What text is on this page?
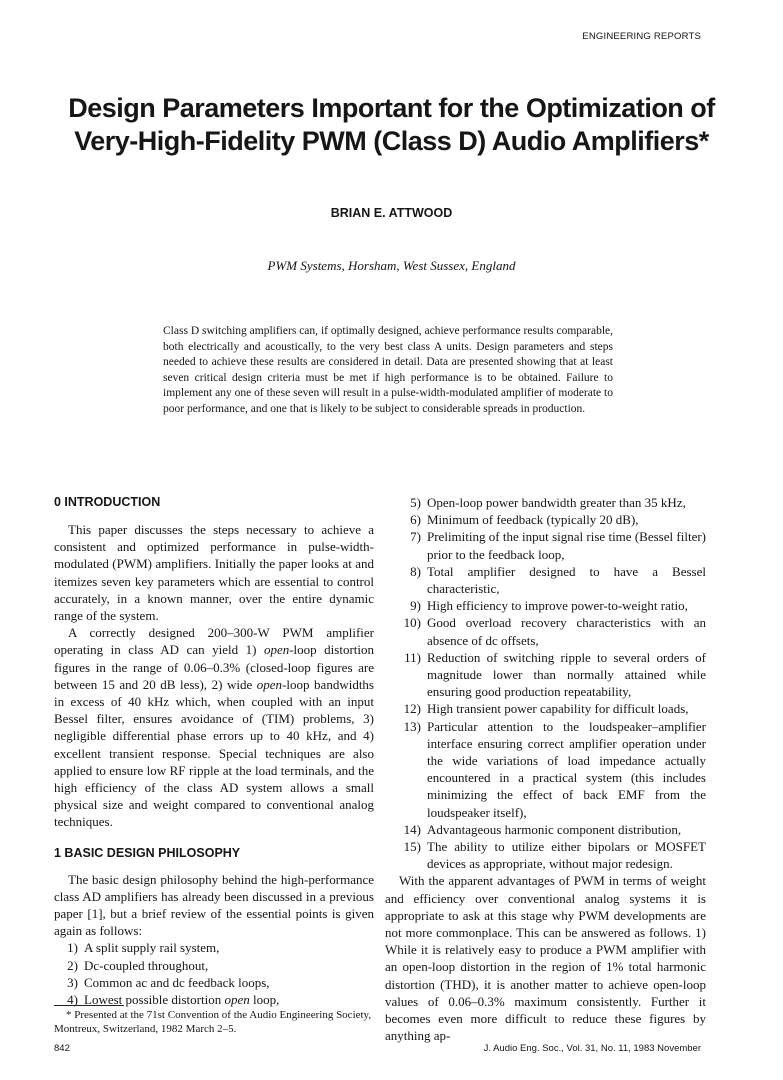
ENGINEERING REPORTS
Design Parameters Important for the Optimization of
Very-High-Fidelity PWM (Class D) Audio Amplifiers*
BRIAN E. ATTWOOD
PWM Systems, Horsham, West Sussex, England
Class D switching amplifiers can, if optimally designed, achieve performance results comparable, both electrically and acoustically, to the very best class A units. Design parameters and steps needed to achieve these results are considered in detail. Data are presented showing that at least seven critical design criteria must be met if high performance is to be obtained. Failure to implement any one of these seven will result in a pulse-width-modulated amplifier of moderate to poor performance, and one that is likely to be subject to considerable spreads in production.
0 INTRODUCTION

This paper discusses the steps necessary to achieve a consistent and optimized performance in pulse-width-modulated (PWM) amplifiers. Initially the paper looks at and itemizes seven key parameters which are essential to control accurately, in a known manner, over the entire dynamic range of the system.

A correctly designed 200–300-W PWM amplifier operating in class AD can yield 1) open-loop distortion figures in the range of 0.06–0.3% (closed-loop figures are between 15 and 20 dB less), 2) wide open-loop bandwidths in excess of 40 kHz which, when coupled with an input Bessel filter, ensures avoidance of (TIM) problems, 3) negligible differential phase errors up to 40 kHz, and 4) excellent transient response. Special techniques are also applied to ensure low RF ripple at the load terminals, and the high efficiency of the class AD system allows a small physical size and weight compared to conventional analog techniques.

1 BASIC DESIGN PHILOSOPHY

The basic design philosophy behind the high-performance class AD amplifiers has already been discussed in a previous paper [1], but a brief review of the essential points is given again as follows:

1) A split supply rail system,
2) Dc-coupled throughout,
3) Common ac and dc feedback loops,
4) Lowest possible distortion open loop,
5) Open-loop power bandwidth greater than 35 kHz,
6) Minimum of feedback (typically 20 dB),
7) Prelimiting of the input signal rise time (Bessel filter) prior to the feedback loop,
8) Total amplifier designed to have a Bessel characteristic,
9) High efficiency to improve power-to-weight ratio,
10) Good overload recovery characteristics with an absence of dc offsets,
11) Reduction of switching ripple to several orders of magnitude lower than normally attained while ensuring good production repeatability,
12) High transient power capability for difficult loads,
13) Particular attention to the loudspeaker–amplifier interface ensuring correct amplifier operation under the wide variations of load impedance actually encountered in a practical system (this includes minimizing the effect of back EMF from the loudspeaker itself),
14) Advantageous harmonic component distribution,
15) The ability to utilize either bipolars or MOSFET devices as appropriate, without major redesign.

With the apparent advantages of PWM in terms of weight and efficiency over conventional analog systems it is appropriate to ask at this stage why PWM developments are not more commonplace. This can be answered as follows. 1) While it is relatively easy to produce a PWM amplifier with an open-loop distortion in the region of 1% total harmonic distortion (THD), it is another matter to achieve open-loop values of 0.06–0.3% maximum consistently. Further it becomes even more difficult to reduce these figures by anything ap-

* Presented at the 71st Convention of the Audio Engineering Society, Montreux, Switzerland, 1982 March 2–5.
842	J. Audio Eng. Soc., Vol. 31, No. 11, 1983 November
